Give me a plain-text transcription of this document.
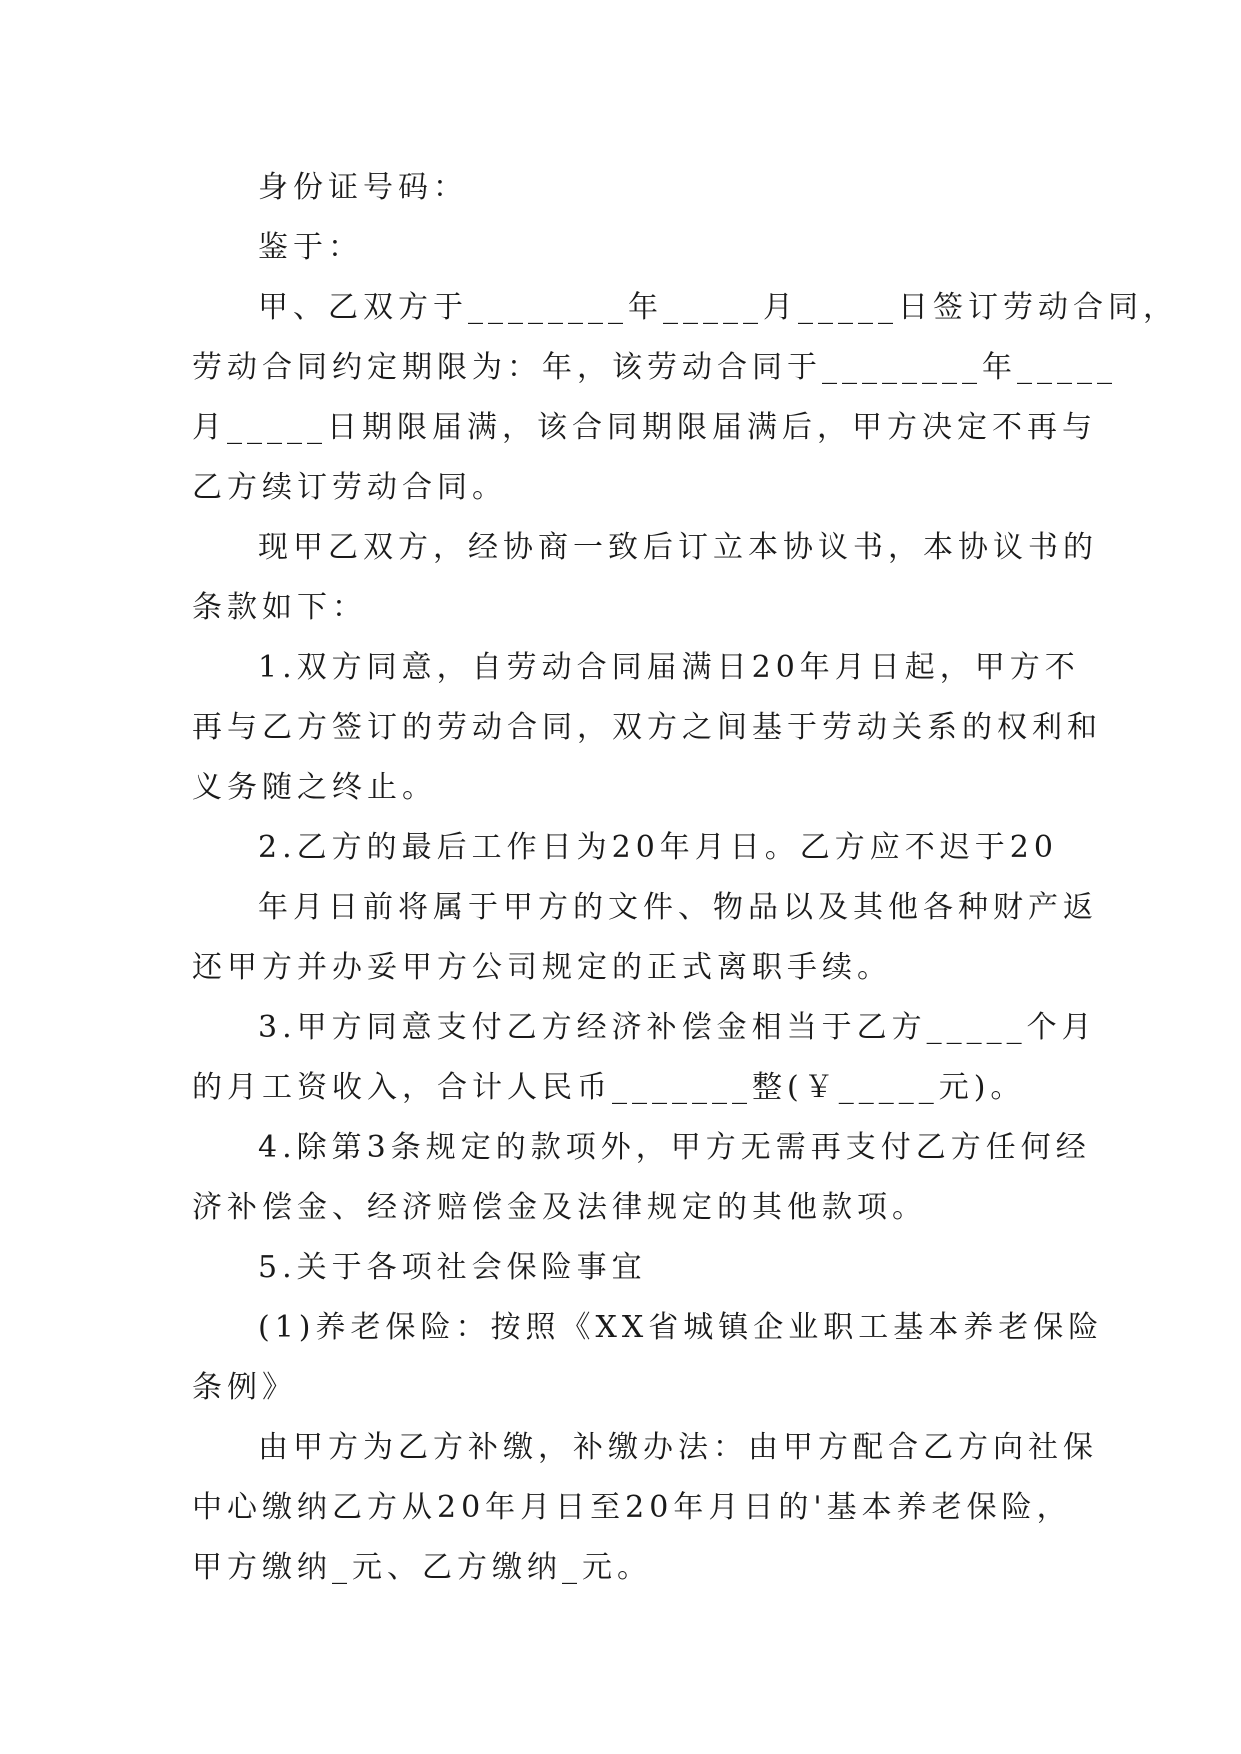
身份证号码：
鉴于：
甲、乙双方于________年_____月_____日签订劳动合同，
劳动合同约定期限为：年，该劳动合同于________年_____
月_____日期限届满，该合同期限届满后，甲方决定不再与
乙方续订劳动合同。
现甲乙双方，经协商一致后订立本协议书，本协议书的
条款如下：
1.双方同意，自劳动合同届满日20年月日起，甲方不
再与乙方签订的劳动合同，双方之间基于劳动关系的权利和
义务随之终止。
2.乙方的最后工作日为20年月日。乙方应不迟于20
年月日前将属于甲方的文件、物品以及其他各种财产返
还甲方并办妥甲方公司规定的正式离职手续。
3.甲方同意支付乙方经济补偿金相当于乙方_____个月
的月工资收入，合计人民币_______整(￥_____元)。
4.除第3条规定的款项外，甲方无需再支付乙方任何经
济补偿金、经济赔偿金及法律规定的其他款项。
5.关于各项社会保险事宜
(1)养老保险：按照《XX省城镇企业职工基本养老保险
条例》
由甲方为乙方补缴，补缴办法：由甲方配合乙方向社保
中心缴纳乙方从20年月日至20年月日的'基本养老保险，
甲方缴纳_元、乙方缴纳_元。
